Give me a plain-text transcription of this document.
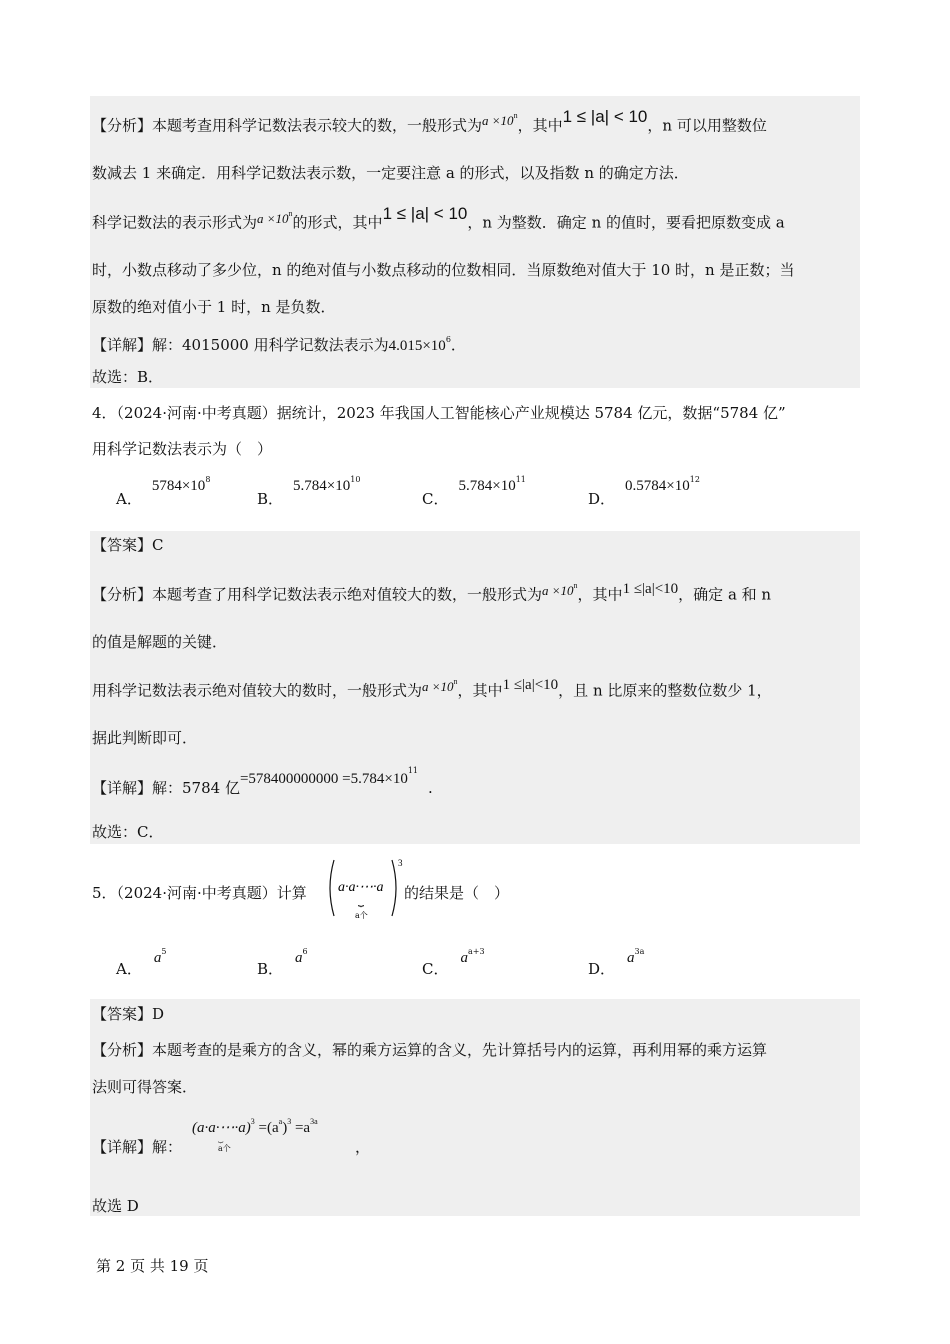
【分析】本题考查用科学记数法表示较大的数，一般形式为$a \times 10^n$，其中1 ≤ |a| < 10，n 可以用整数位
数减去 1 来确定．用科学记数法表示数，一定要注意 a 的形式，以及指数 n 的确定方法．
科学记数法的表示形式为$a \times 10^n$的形式，其中1 ≤ |a| < 10，n 为整数．确定 n 的值时，要看把原数变成 a
时，小数点移动了多少位，n 的绝对值与小数点移动的位数相同．当原数绝对值大于 10 时，n 是正数；当
原数的绝对值小于 1 时，n 是负数．
【详解】解：4015000 用科学记数法表示为$4.015\times 10^6$．
故选：B．
4．（2024·河南·中考真题）据统计，2023 年我国人工智能核心产业规模达 5784 亿元，数据“5784 亿”
用科学记数法表示为（　）
A．$5784\times 10^8$
B．$5.784\times 10^{10}$
C．$5.784\times 10^{11}$
D．$0.5784\times 10^{12}$
【答案】C
【分析】本题考查了用科学记数法表示绝对值较大的数，一般形式为$a \times 10^n$，其中1 ≤|a|<10，确定 a 和 n
的值是解题的关键．
用科学记数法表示绝对值较大的数时，一般形式为$a \times 10^n$，其中1 ≤|a|<10，且 n 比原来的整数位数少 1，
据此判断即可．
【详解】解：5784 亿$=578400000000 =5.784\times 10^{11}$.
故选：C．
5．（2024·河南·中考真题）计算 a·a·⋯·a
⏟
a个
3
的结果是（　）
A．$a^5$
B．$a^6$
C．$a^{a+3}$
D．$a^{3a}$
【答案】D
【分析】本题考查的是乘方的含义，幂的乘方运算的含义，先计算括号内的运算，再利用幂的乘方运算
法则可得答案．
【详解】解：
(a·a·⋯·a)$^3$ $=(a^a)^3 =a^{3a}$
⏟
a个	，
故选 D
第 2 页 共 19 页
